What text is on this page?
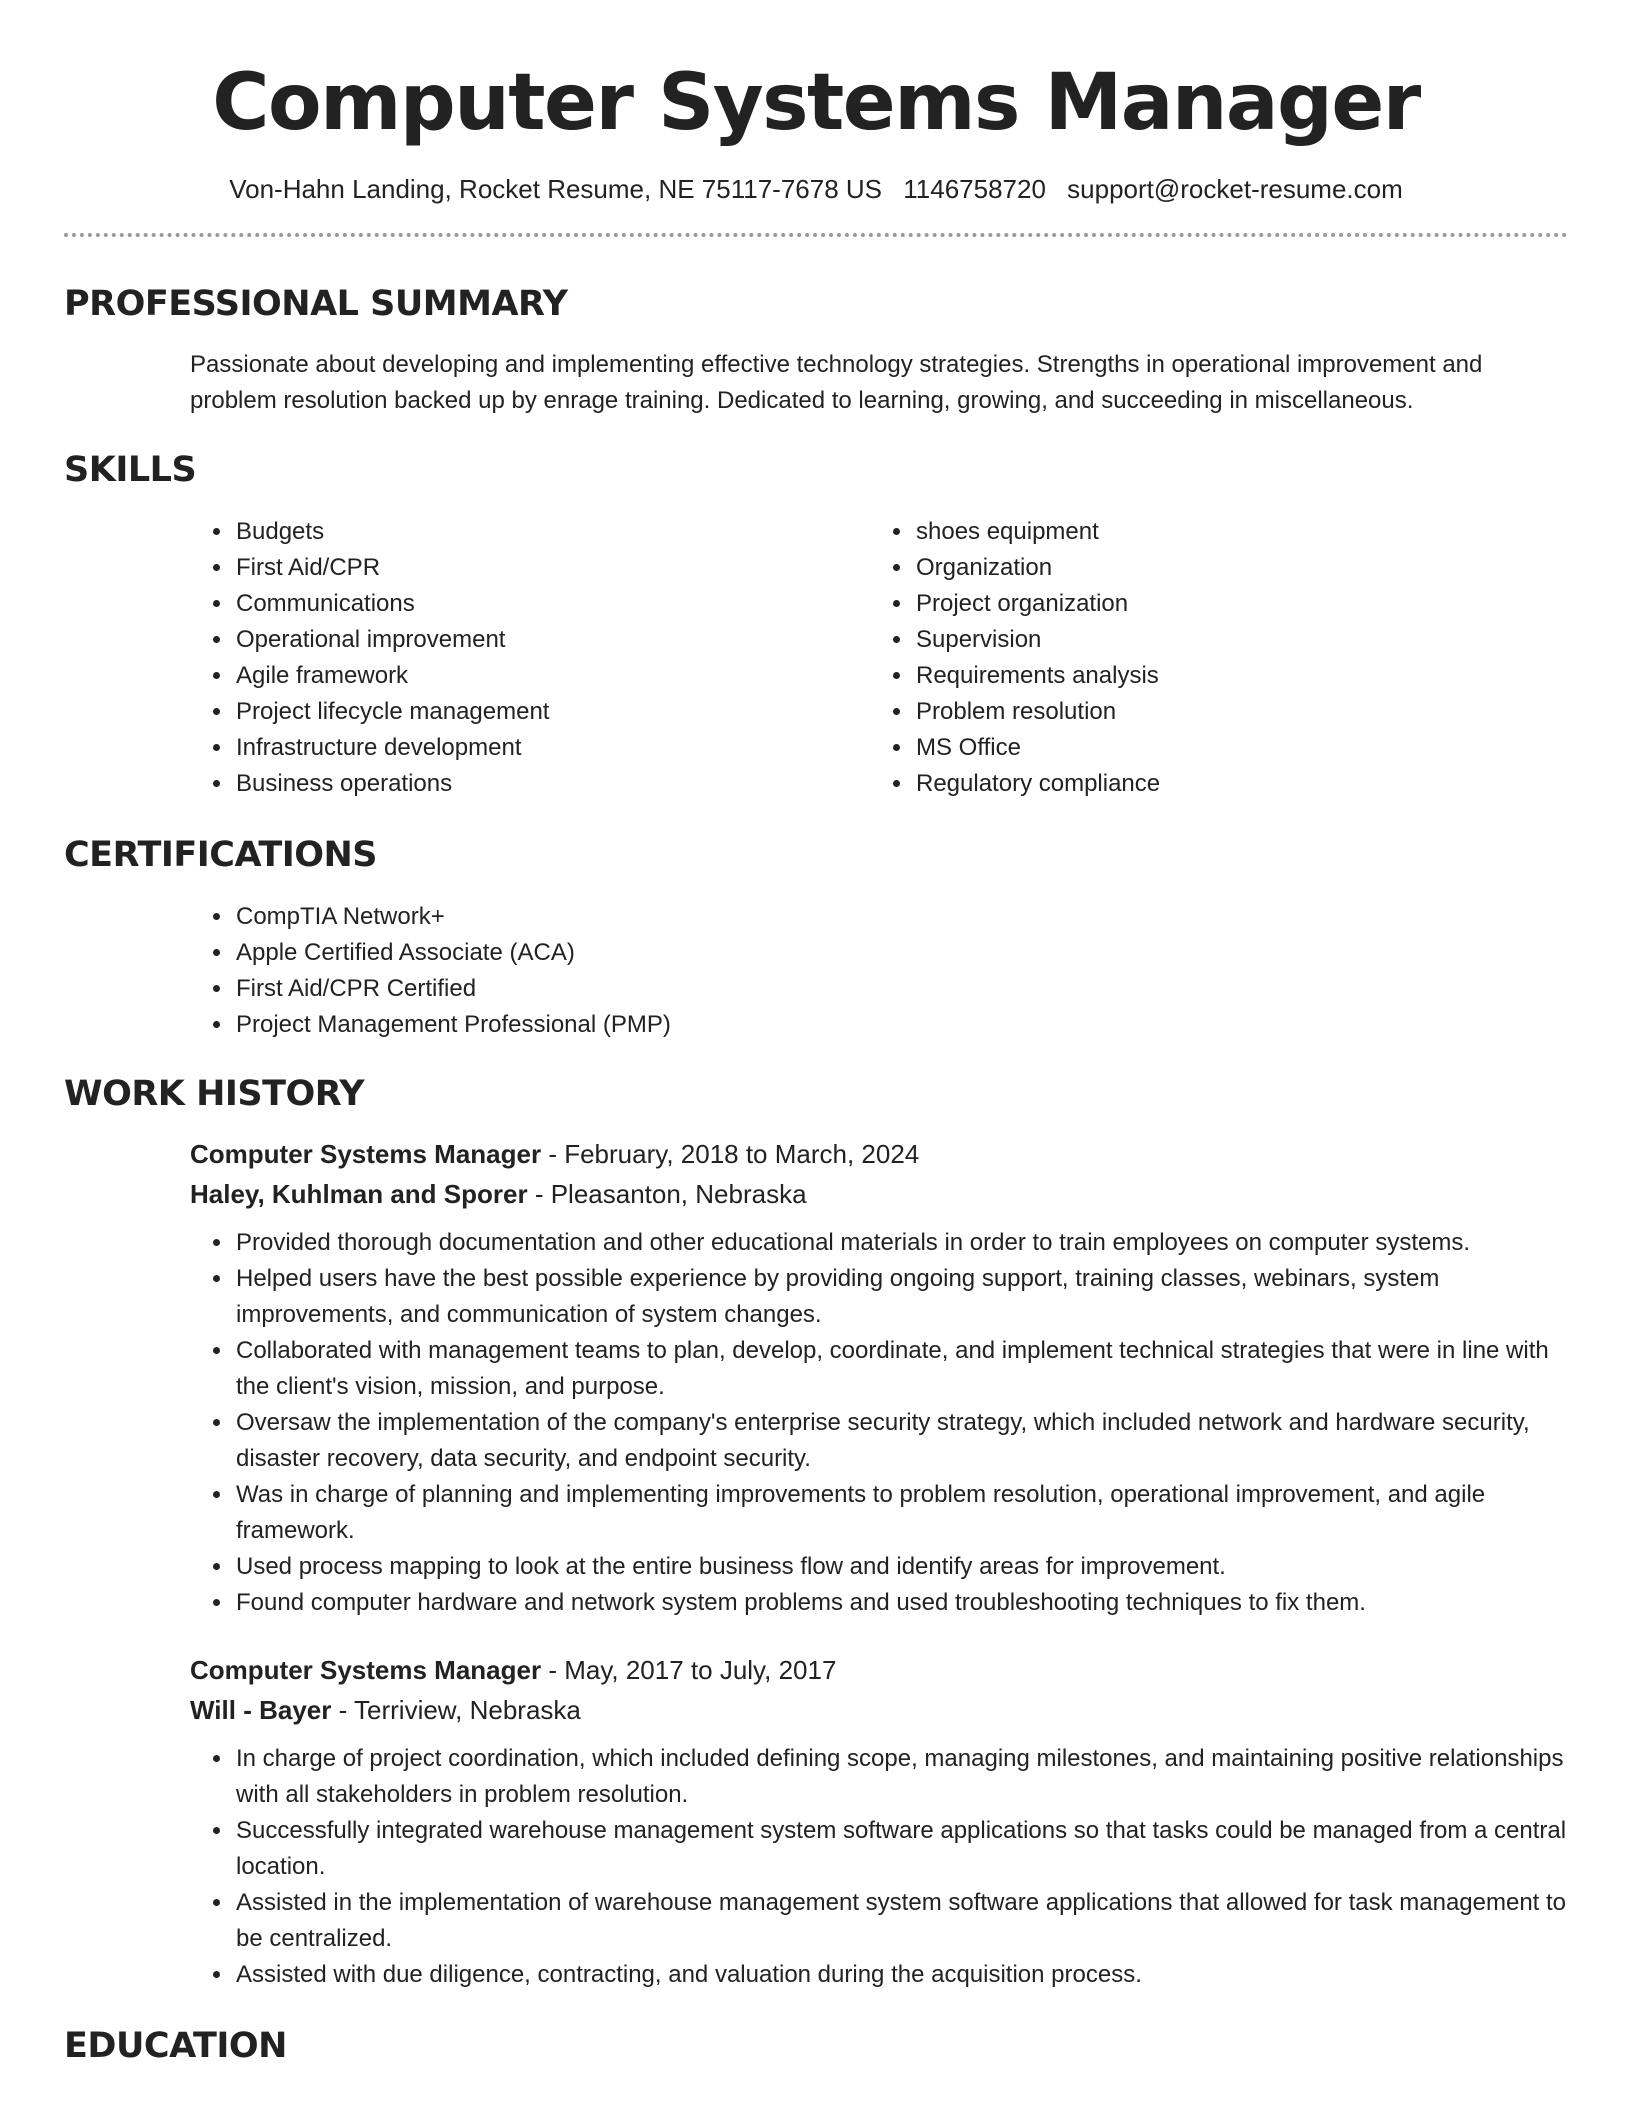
Computer Systems Manager
Von-Hahn Landing, Rocket Resume, NE 75117-7678 US 1146758720 support@rocket-resume.com
PROFESSIONAL SUMMARY
Passionate about developing and implementing effective technology strategies. Strengths in operational improvement and problem resolution backed up by enrage training. Dedicated to learning, growing, and succeeding in miscellaneous.
SKILLS
• Budgets
• First Aid/CPR
• Communications
• Operational improvement
• Agile framework
• Project lifecycle management
• Infrastructure development
• Business operations
• shoes equipment
• Organization
• Project organization
• Supervision
• Requirements analysis
• Problem resolution
• MS Office
• Regulatory compliance
CERTIFICATIONS
• CompTIA Network+
• Apple Certified Associate (ACA)
• First Aid/CPR Certified
• Project Management Professional (PMP)
WORK HISTORY
Computer Systems Manager - February, 2018 to March, 2024
Haley, Kuhlman and Sporer - Pleasanton, Nebraska
• Provided thorough documentation and other educational materials in order to train employees on computer systems.
• Helped users have the best possible experience by providing ongoing support, training classes, webinars, system improvements, and communication of system changes.
• Collaborated with management teams to plan, develop, coordinate, and implement technical strategies that were in line with the client's vision, mission, and purpose.
• Oversaw the implementation of the company's enterprise security strategy, which included network and hardware security, disaster recovery, data security, and endpoint security.
• Was in charge of planning and implementing improvements to problem resolution, operational improvement, and agile framework.
• Used process mapping to look at the entire business flow and identify areas for improvement.
• Found computer hardware and network system problems and used troubleshooting techniques to fix them.
Computer Systems Manager - May, 2017 to July, 2017
Will - Bayer - Terriview, Nebraska
• In charge of project coordination, which included defining scope, managing milestones, and maintaining positive relationships with all stakeholders in problem resolution.
• Successfully integrated warehouse management system software applications so that tasks could be managed from a central location.
• Assisted in the implementation of warehouse management system software applications that allowed for task management to be centralized.
• Assisted with due diligence, contracting, and valuation during the acquisition process.
EDUCATION
